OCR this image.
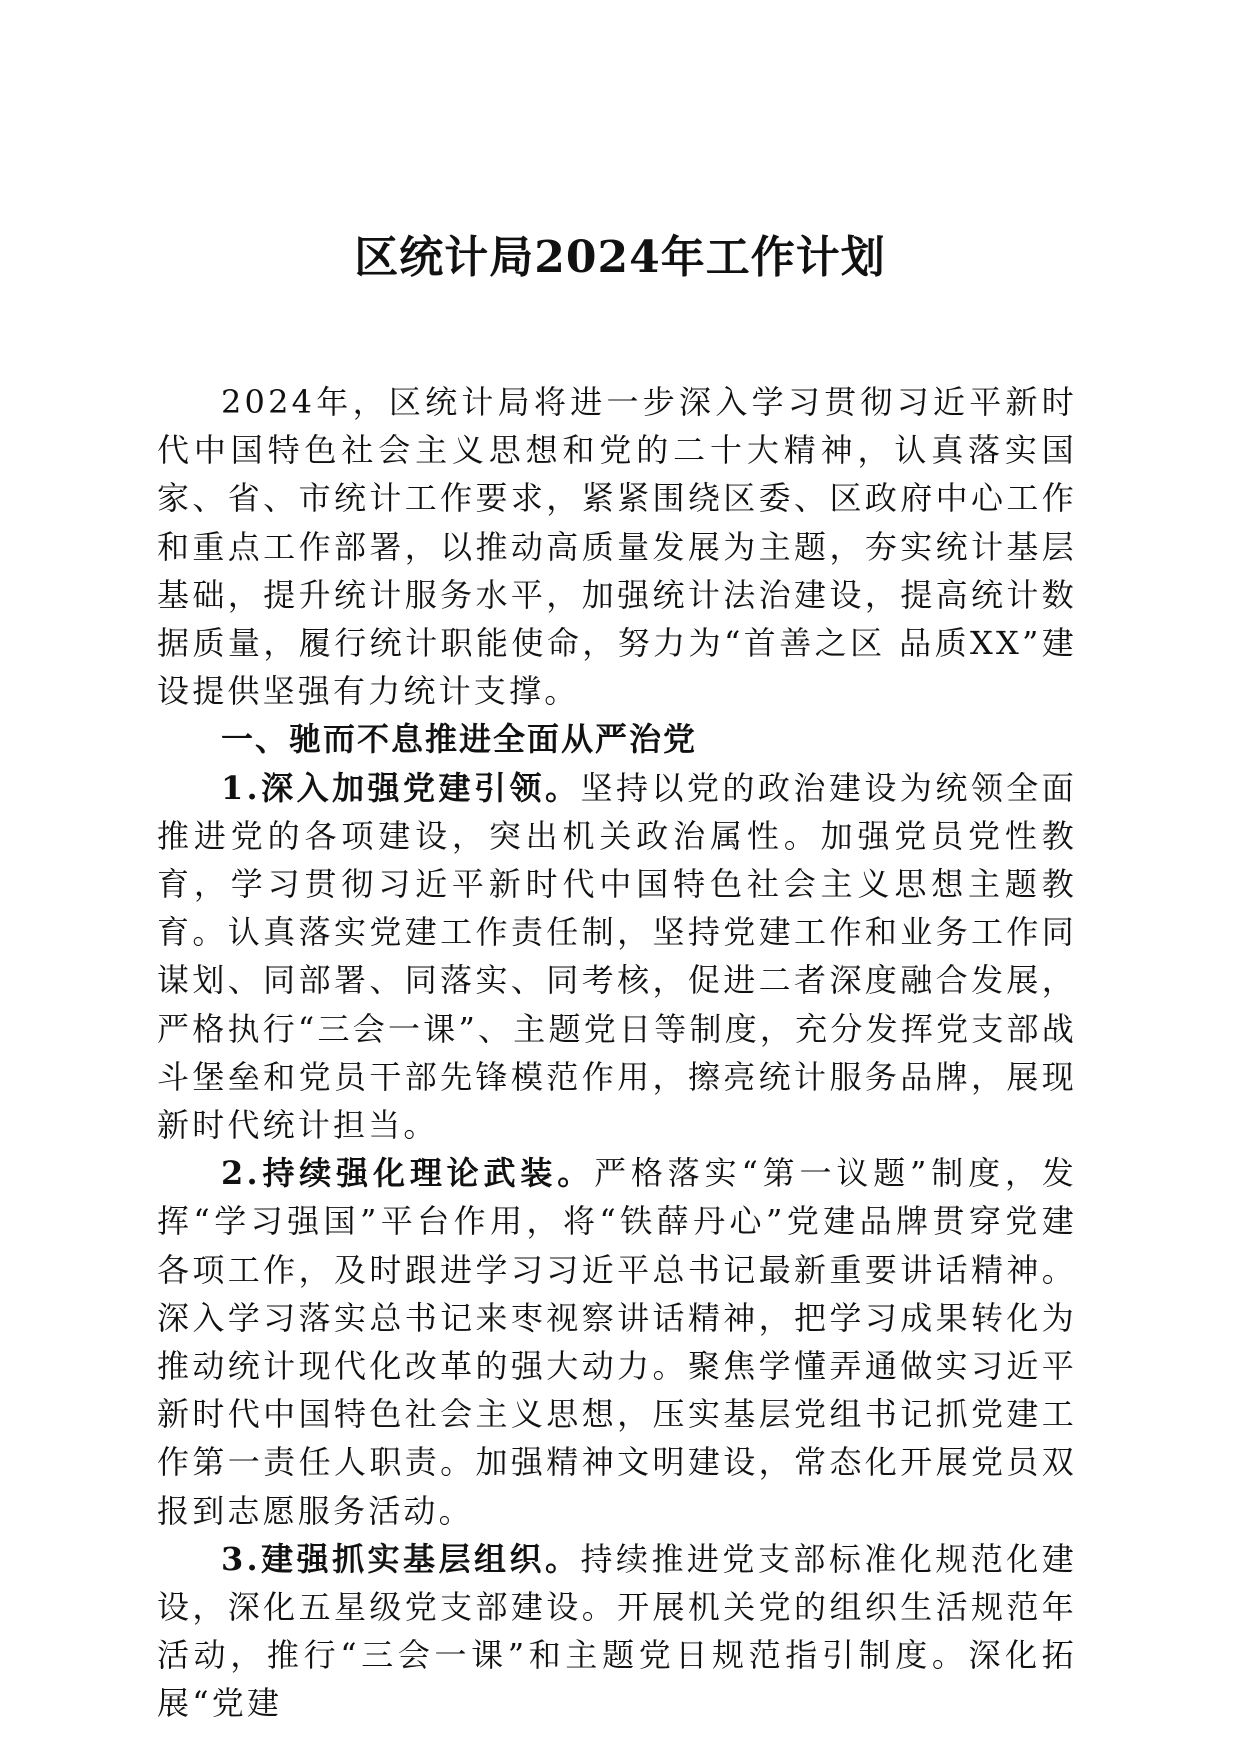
区统计局2024年工作计划

2024年，区统计局将进一步深入学习贯彻习近平新时代中国特色社会主义思想和党的二十大精神，认真落实国家、省、市统计工作要求，紧紧围绕区委、区政府中心工作和重点工作部署，以推动高质量发展为主题，夯实统计基层基础，提升统计服务水平，加强统计法治建设，提高统计数据质量，履行统计职能使命，努力为“首善之区 品质XX”建设提供坚强有力统计支撑。

一、驰而不息推进全面从严治党

1.深入加强党建引领。坚持以党的政治建设为统领全面推进党的各项建设，突出机关政治属性。加强党员党性教育，学习贯彻习近平新时代中国特色社会主义思想主题教育。认真落实党建工作责任制，坚持党建工作和业务工作同谋划、同部署、同落实、同考核，促进二者深度融合发展，严格执行“三会一课”、主题党日等制度，充分发挥党支部战斗堡垒和党员干部先锋模范作用，擦亮统计服务品牌，展现新时代统计担当。

2.持续强化理论武装。严格落实“第一议题”制度，发挥“学习强国”平台作用，将“铁薛丹心”党建品牌贯穿党建各项工作，及时跟进学习习近平总书记最新重要讲话精神。深入学习落实总书记来枣视察讲话精神，把学习成果转化为推动统计现代化改革的强大动力。聚焦学懂弄通做实习近平新时代中国特色社会主义思想，压实基层党组书记抓党建工作第一责任人职责。加强精神文明建设，常态化开展党员双报到志愿服务活动。

3.建强抓实基层组织。持续推进党支部标准化规范化建设，深化五星级党支部建设。开展机关党的组织生活规范年活动，推行“三会一课”和主题党日规范指引制度。深化拓展“党建
